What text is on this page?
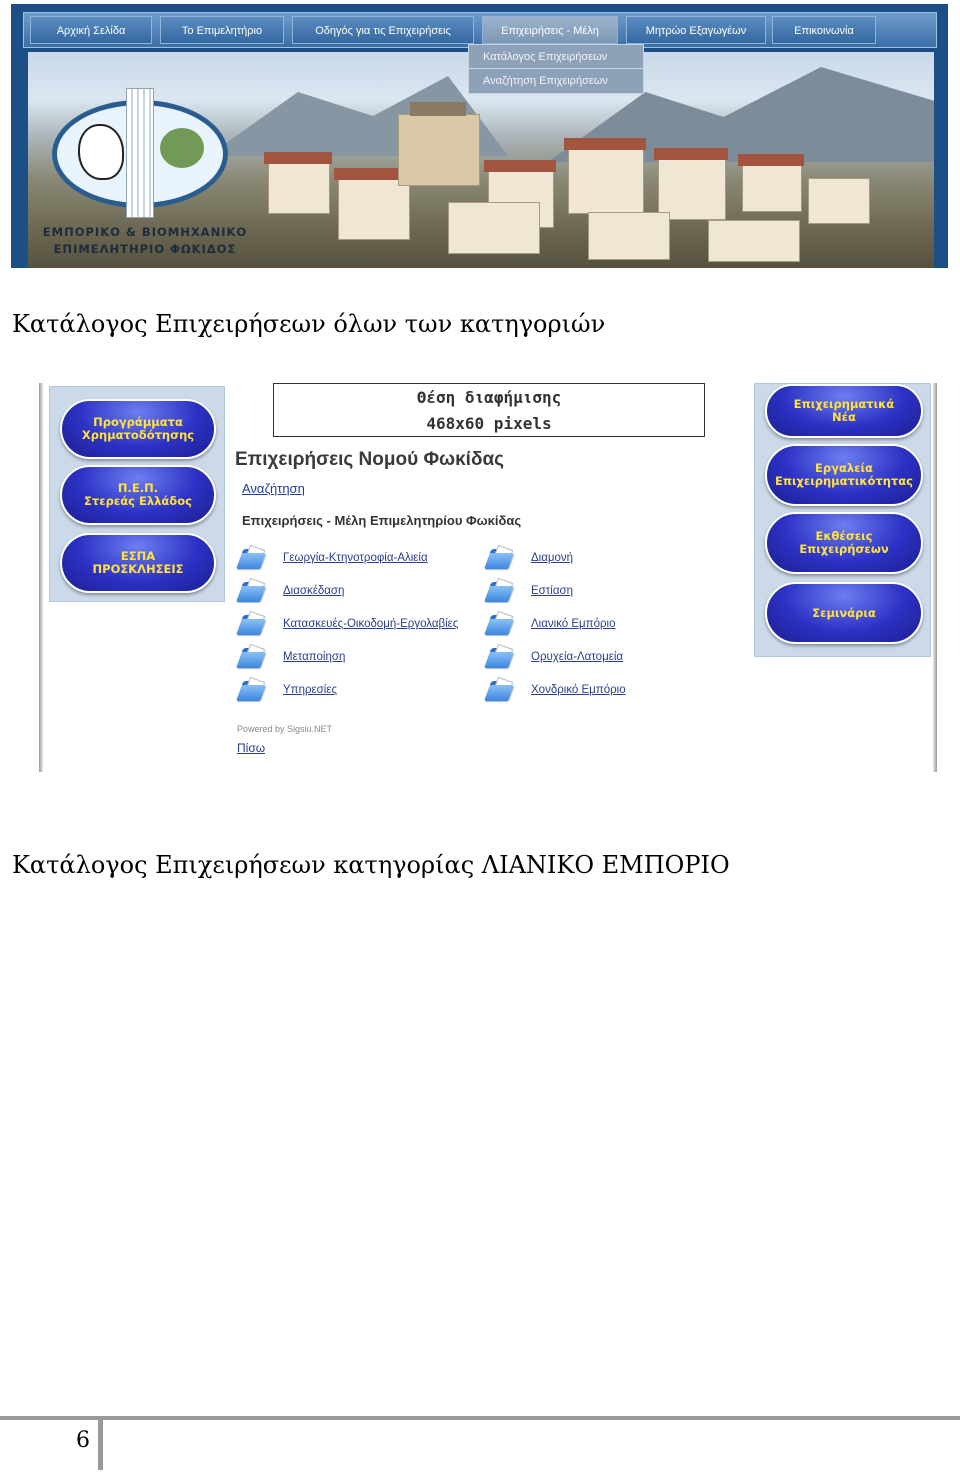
Αρχική Σελίδα	Το Επιμελητήριο	Οδηγός για τις Επιχειρήσεις	Επιχειρήσεις - Μέλη	Μητρώο Εξαγωγέων	Επικοινωνία
ΕΜΠΟΡΙΚΟ & ΒΙΟΜΗΧΑΝΙΚΟ
ΕΠΙΜΕΛΗΤΗΡΙΟ ΦΩΚΙΔΟΣ
Κατάλογος Επιχειρήσεων
Αναζήτηση Επιχειρήσεων
Κατάλογος Επιχειρήσεων όλων των κατηγοριών
Προγράμματα
Χρηματοδότησης
Π.Ε.Π.
Στερεάς Ελλάδος
ΕΣΠΑ
ΠΡΟΣΚΛΗΣΕΙΣ
Επιχειρηματικά
Νέα
Εργαλεία
Επιχειρηματικότητας
Εκθέσεις
Επιχειρήσεων
Σεμινάρια
Θέση διαφήμισης
468x60 pixels
Επιχειρήσεις Νομού Φωκίδας
Αναζήτηση
Επιχειρήσεις - Μέλη Επιμελητηρίου Φωκίδας
Γεωργία-Κτηνοτροφία-Αλιεία
Διασκέδαση
Κατασκευές-Οικοδομή-Εργολαβίες
Μεταποίηση
Υπηρεσίες
Διαμονή
Εστίαση
Λιανικό Εμπόριο
Ορυχεία-Λατομεία
Χονδρικό Εμπόριο
Powered by Sigsiu.NET
Πίσω
Κατάλογος Επιχειρήσεων κατηγορίας ΛΙΑΝΙΚΟ ΕΜΠΟΡΙΟ
6
